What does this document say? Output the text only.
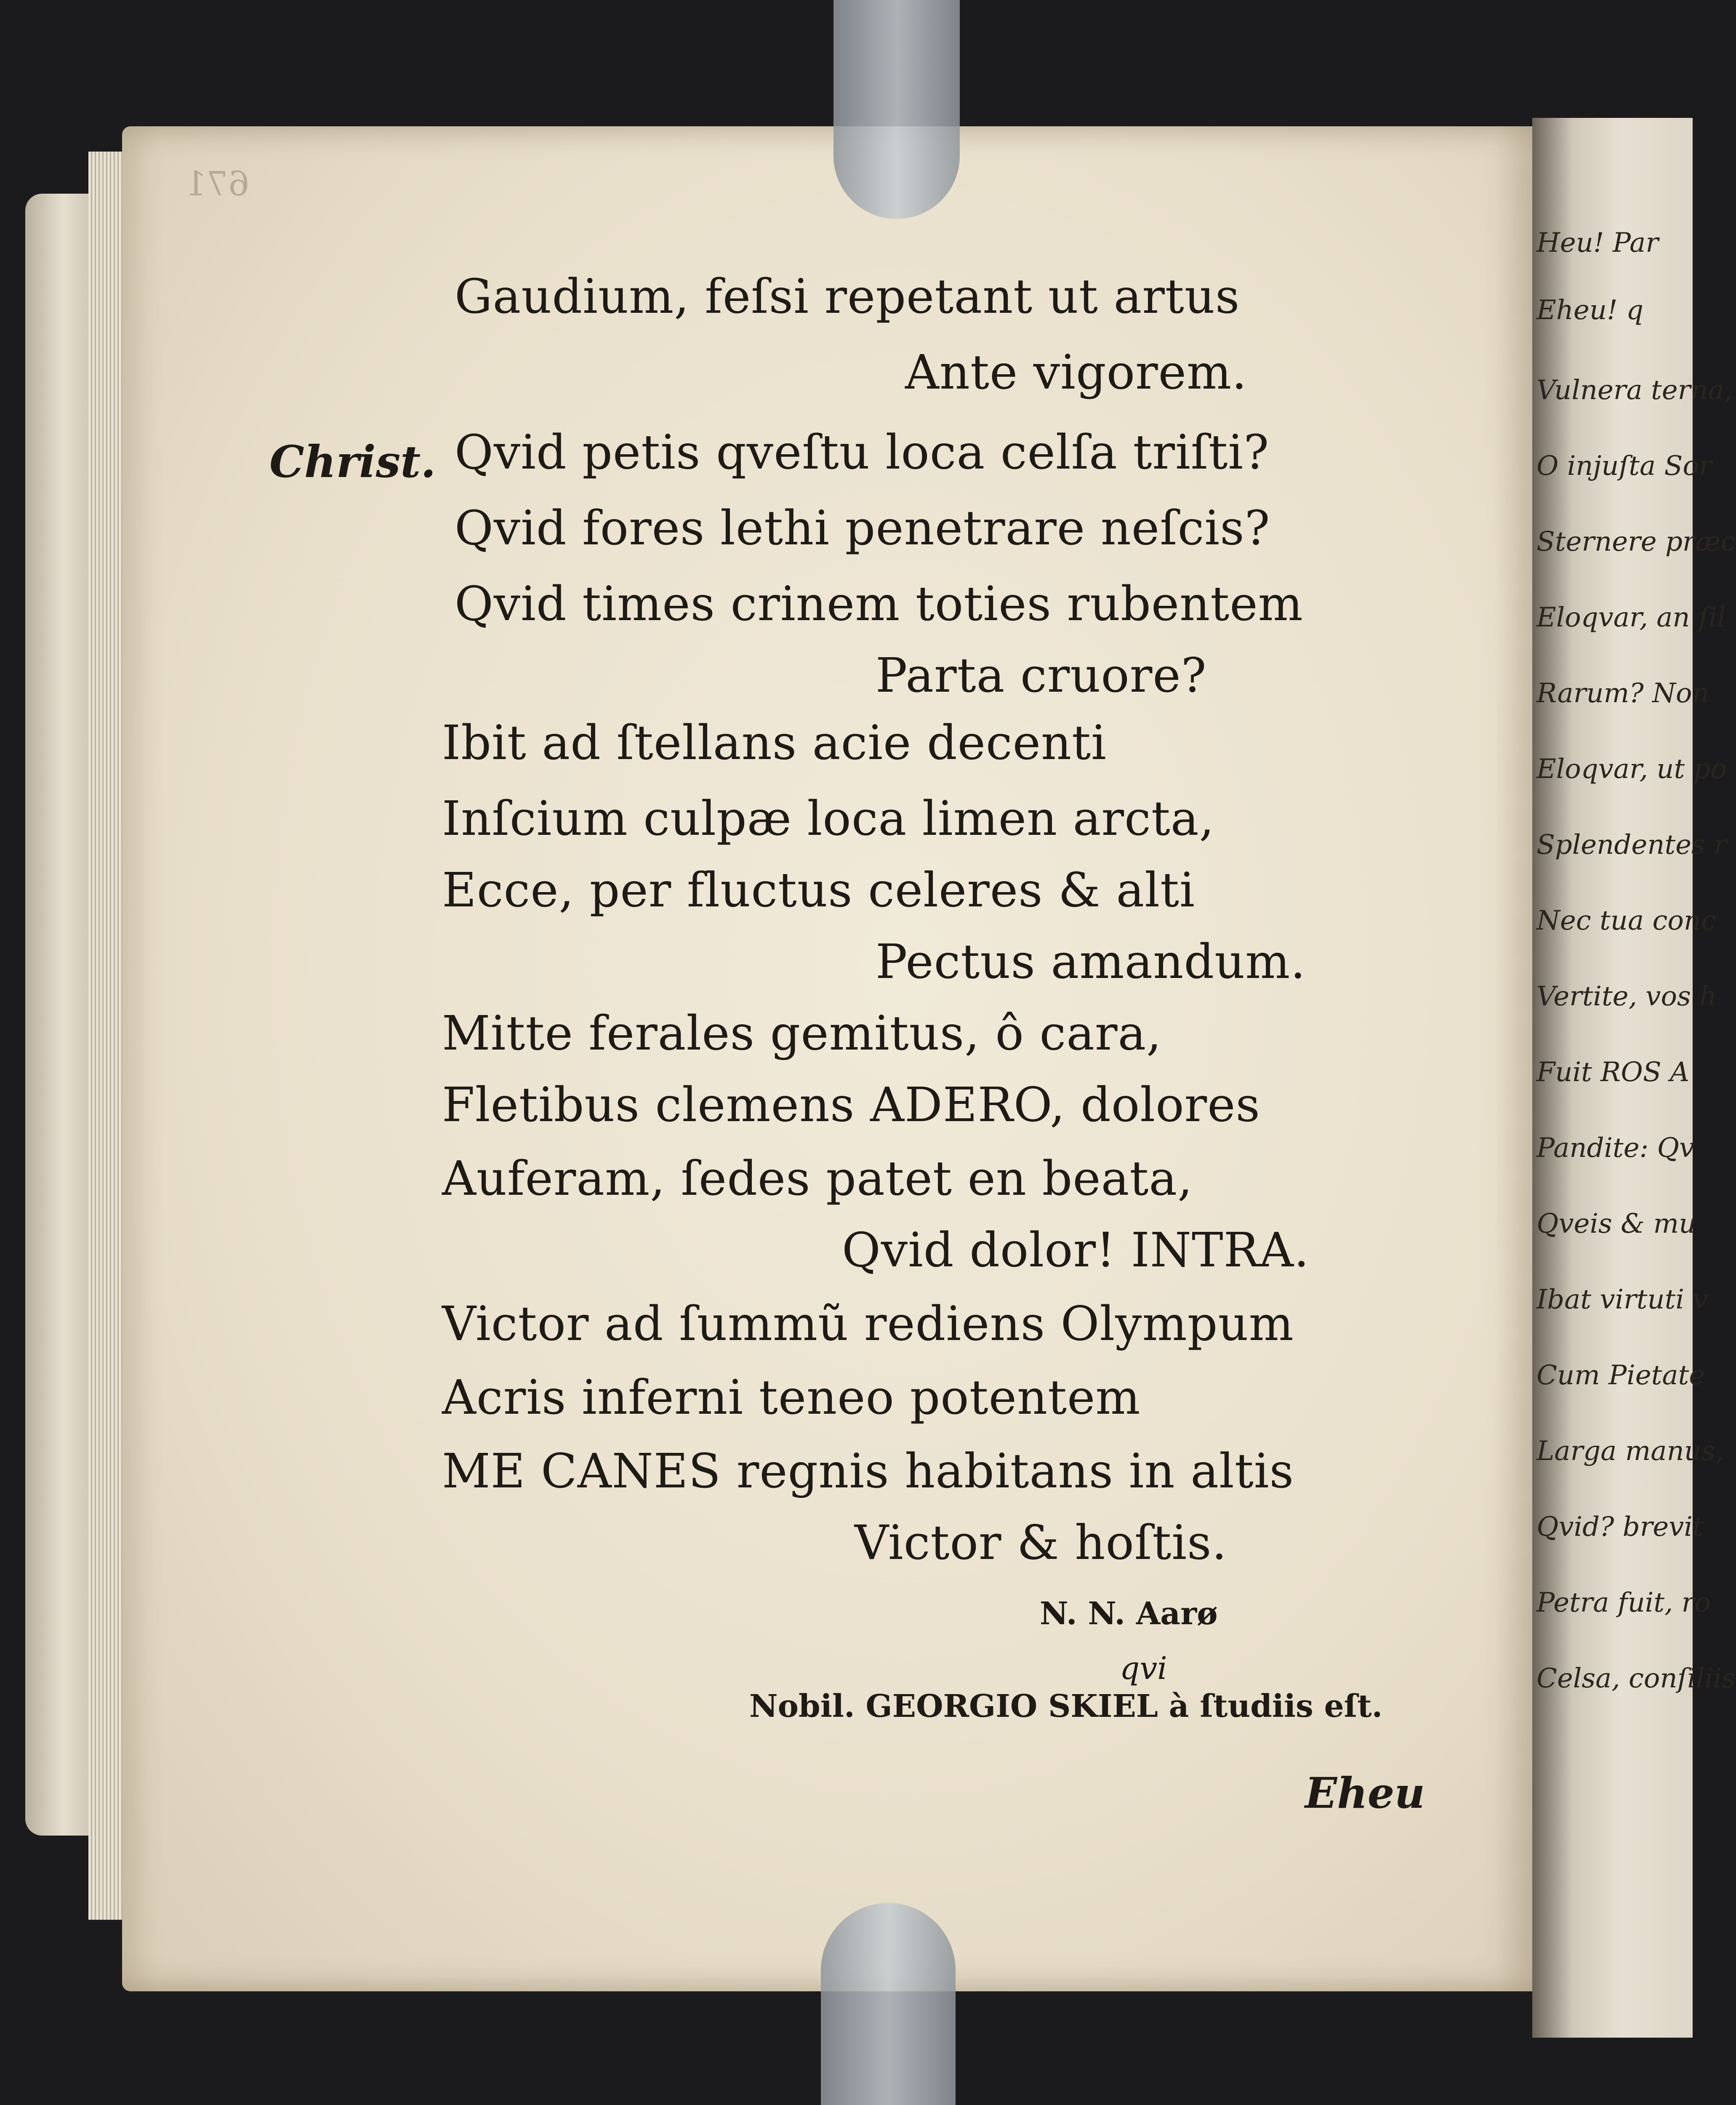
671
Christ.
Gaudium, feſsi repetant ut artus
Ante vigorem.
Qvid petis qveſtu loca celſa triſti?
Qvid fores lethi penetrare neſcis?
Qvid times crinem toties rubentem
Parta cruore?
Ibit ad ſtellans acie decenti
Inſcium culpæ loca limen arcta,
Ecce, per fluctus celeres & alti
Pectus amandum.
Mitte ferales gemitus, ô cara,
Fletibus clemens ADERO, dolores
Auferam, ſedes patet en beata,
Qvid dolor! INTRA.
Victor ad ſummũ rediens Olympum
Acris inferni teneo potentem
ME CANES regnis habitans in altis
Victor & hoſtis.
N. N. Aarø
qvi
Nobil. GEORGIO SKIEL à ſtudiis eſt.
Eheu
Heu! Par
Eheu! q
Vulnera terna,
O injuſta Sor
Sternere præc
Eloqvar, an ſil
Rarum? Non
Eloqvar, ut po
Splendentes r
Nec tua conc
Vertite, vos h
Fuit ROS A
Pandite: Qv
Qveis & mu
Ibat virtuti v
Cum Pietate
Larga manus,
Qvid? brevit
Petra fuit, ro
Celsa, conſiliis
